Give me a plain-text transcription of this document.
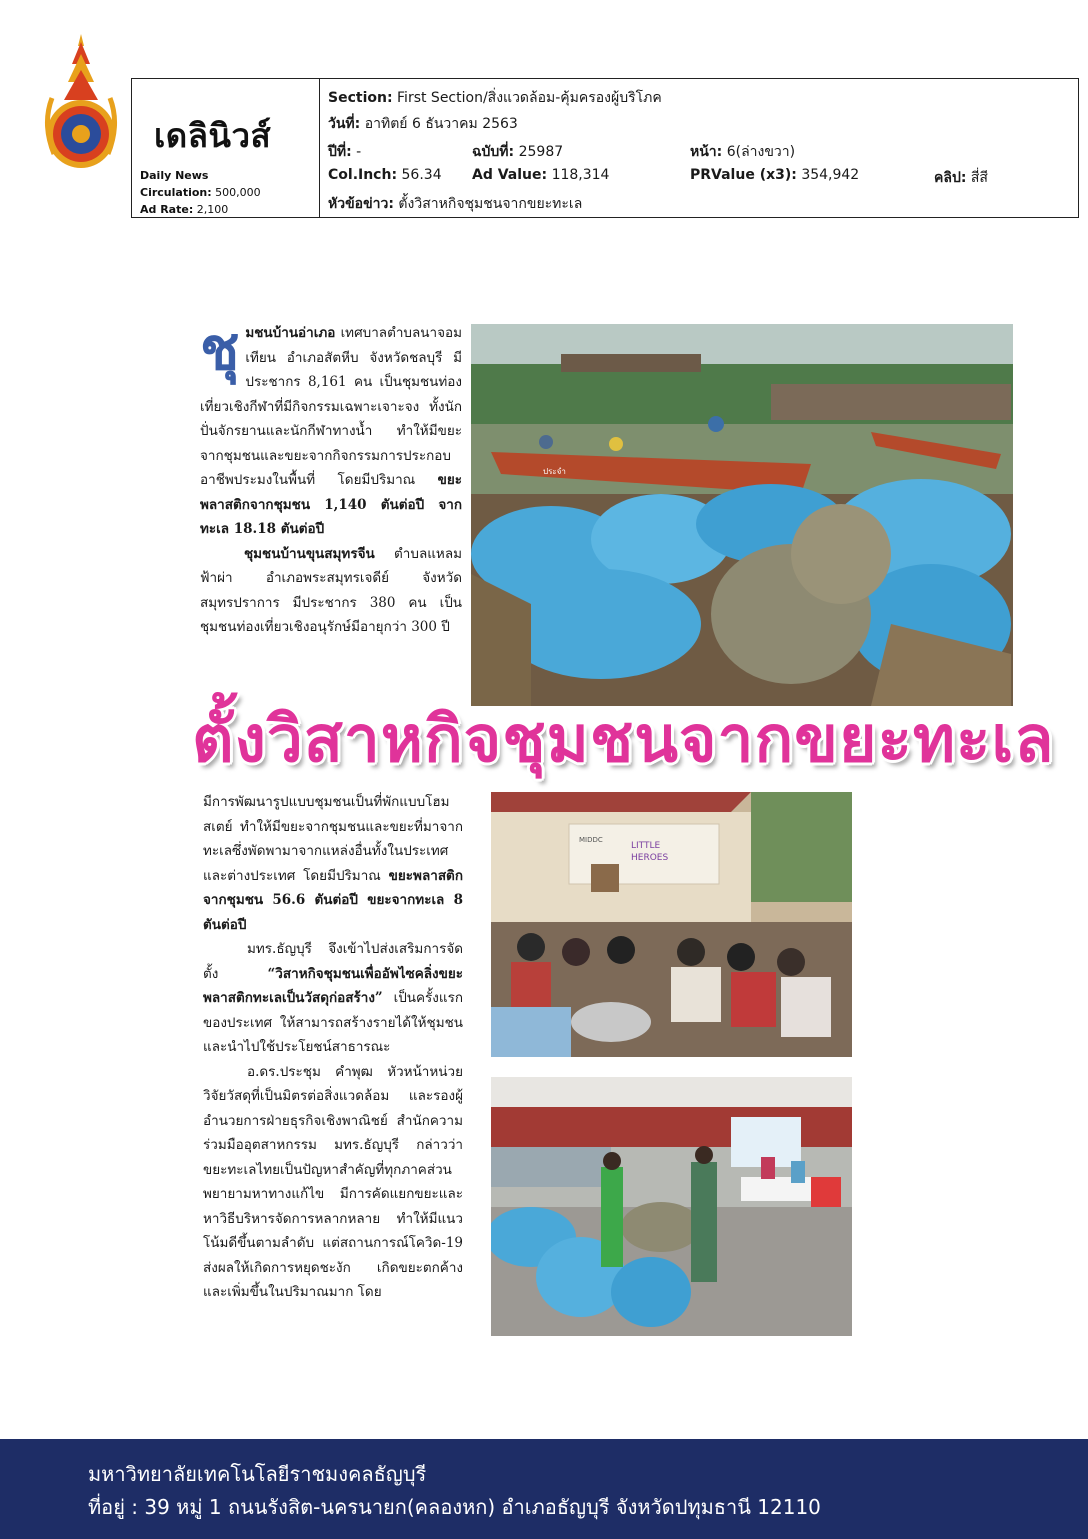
เดลินิวส์
Daily News
Circulation: 500,000
Ad Rate: 2,100
Section: First Section/สิ่งแวดล้อม-คุ้มครองผู้บริโภค
วันที่: อาทิตย์ 6 ธันวาคม 2563
ปีที่: -	ฉบับที่: 25987	หน้า: 6(ล่างขวา)
Col.Inch: 56.34 Ad Value: 118,314	PRValue (x3): 354,942	คลิป: สี่สี
หัวข้อข่าว: ตั้งวิสาหกิจชุมชนจากขยะทะเล

ชุมชนบ้านอ่าเภอ เทศบาลตำบลนาจอมเทียน อำเภอสัตหีบ จังหวัดชลบุรี มีประชากร 8,161 คน เป็นชุมชนท่องเที่ยวเชิงกีฬาที่มีกิจกรรมเฉพาะเจาะจง ทั้งนักปั่นจักรยานและนักกีฬาทางน้ำ ทำให้มีขยะจากชุมชนและขยะจากกิจกรรมการประกอบอาชีพประมงในพื้นที่ โดยมีปริมาณ ขยะพลาสติกจากชุมชน 1,140 ตันต่อปี จากทะเล 18.18 ตันต่อปี

ชุมชนบ้านขุนสมุทรจีน ตำบลแหลมฟ้าผ่า อำเภอพระสมุทรเจดีย์ จังหวัดสมุทรปราการ มีประชากร 380 คน เป็นชุมชนท่องเที่ยวเชิงอนุรักษ์มีอายุกว่า 300 ปี

ประจำ
ตั้งวิสาหกิจชุมชนจากขยะทะเล

มีการพัฒนารูปแบบชุมชนเป็นที่พักแบบโฮมสเตย์ ทำให้มีขยะจากชุมชนและขยะที่มาจากทะเลซึ่งพัดพามาจากแหล่งอื่นทั้งในประเทศและต่างประเทศ โดยมีปริมาณ ขยะพลาสติกจากชุมชน 56.6 ตันต่อปี ขยะจากทะเล 8 ตันต่อปี

มทร.ธัญบุรี จึงเข้าไปส่งเสริมการจัดตั้ง “วิสาหกิจชุมชนเพื่ออัพไซคลิ่งขยะพลาสติกทะเลเป็นวัสดุก่อสร้าง” เป็นครั้งแรกของประเทศ ให้สามารถสร้างรายได้ให้ชุมชนและนำไปใช้ประโยชน์สาธารณะ

อ.ดร.ประชุม คำพุฒ หัวหน้าหน่วยวิจัยวัสดุที่เป็นมิตรต่อสิ่งแวดล้อม และรองผู้อำนวยการฝ่ายธุรกิจเชิงพาณิชย์ สำนักความร่วมมืออุตสาหกรรม มทร.ธัญบุรี กล่าวว่า ขยะทะเลไทยเป็นปัญหาสำคัญที่ทุกภาคส่วนพยายามหาทางแก้ไข มีการคัดแยกขยะและหาวิธีบริหารจัดการหลากหลาย ทำให้มีแนวโน้มดีขึ้นตามลำดับ แต่สถานการณ์โควิด-19 ส่งผลให้เกิดการหยุดชะงัก เกิดขยะตกค้างและเพิ่มขึ้นในปริมาณมาก โดย

MIDDC
LITTLE
HEROES
มหาวิทยาลัยเทคโนโลยีราชมงคลธัญบุรี
ที่อยู่ : 39 หมู่ 1 ถนนรังสิต-นครนายก(คลองหก) อำเภอธัญบุรี จังหวัดปทุมธานี 12110
